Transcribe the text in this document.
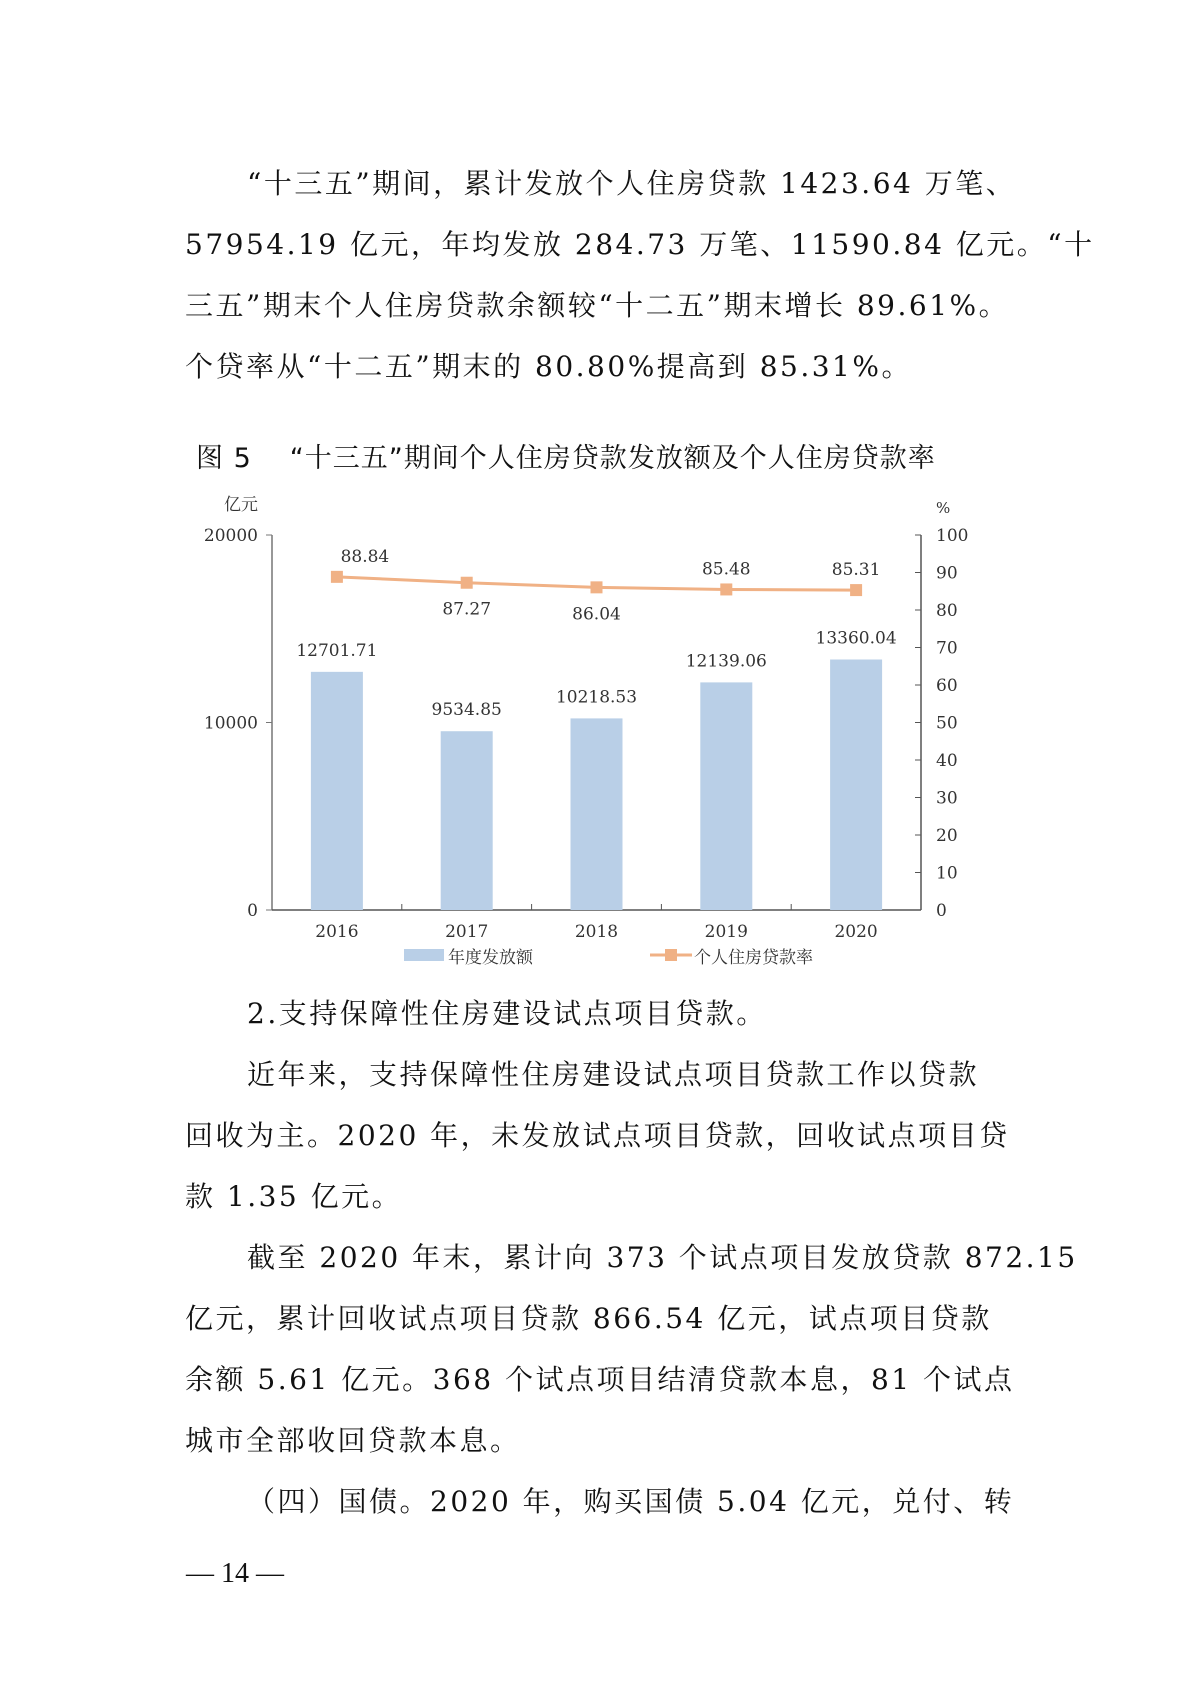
“十三五”期间，累计发放个人住房贷款 1423.64 万笔、
57954.19 亿元，年均发放 284.73 万笔、11590.84 亿元。“十
三五”期末个人住房贷款余额较“十二五”期末增长 89.61%。
个贷率从“十二五”期末的 80.80%提高到 85.31%。
图 5 “十三五”期间个人住房贷款发放额及个人住房贷款率
0
10000
20000
亿元
0
10
20
30
40
50
60
70
80
90
100
%
12701.71
2016
9534.85
2017
10218.53
2018
12139.06
2019
13360.04
2020
88.84
87.27	86.04
85.48	85.31
年度发放额	个人住房贷款率
2.支持保障性住房建设试点项目贷款。
近年来，支持保障性住房建设试点项目贷款工作以贷款
回收为主。2020 年，未发放试点项目贷款，回收试点项目贷
款 1.35 亿元。
截至 2020 年末，累计向 373 个试点项目发放贷款 872.15
亿元，累计回收试点项目贷款 866.54 亿元，试点项目贷款
余额 5.61 亿元。368 个试点项目结清贷款本息，81 个试点
城市全部收回贷款本息。
（四）国债。2020 年，购买国债 5.04 亿元，兑付、转
— 14 —
